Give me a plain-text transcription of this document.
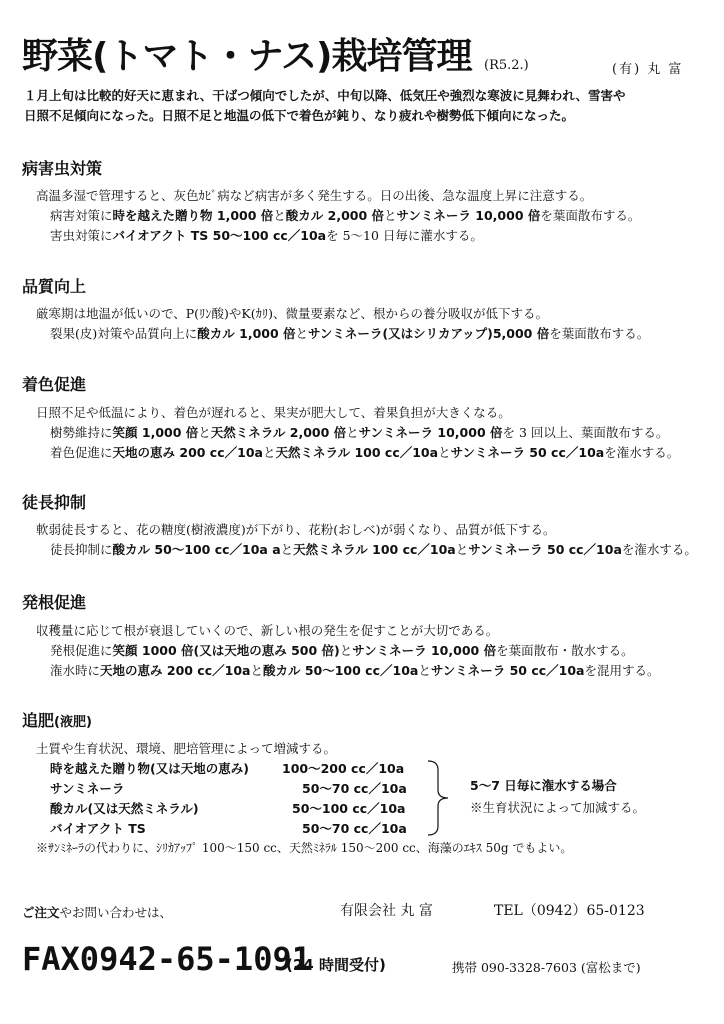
野菜(トマト・ナス)栽培管理 (R5.2.)	(有) 丸 富
１月上旬は比較的好天に恵まれ、干ばつ傾向でしたが、中旬以降、低気圧や強烈な寒波に見舞われ、雪害や
日照不足傾向になった。日照不足と地温の低下で着色が鈍り、なり疲れや樹勢低下傾向になった。
病害虫対策
高温多湿で管理すると、灰色ｶﾋﾞ病など病害が多く発生する。日の出後、急な温度上昇に注意する。
病害対策に時を越えた贈り物 1,000 倍と酸カル 2,000 倍とサンミネーラ 10,000 倍を葉面散布する。
害虫対策にバイオアクト TS 50～100 cc／10aを 5～10 日毎に灌水する。
品質向上
厳寒期は地温が低いので、P(ﾘﾝ酸)やK(ｶﾘ)、微量要素など、根からの養分吸収が低下する。
裂果(皮)対策や品質向上に酸カル 1,000 倍とサンミネーラ(又はシリカアップ)5,000 倍を葉面散布する。
着色促進
日照不足や低温により、着色が遅れると、果実が肥大して、着果負担が大きくなる。
樹勢維持に笑顔 1,000 倍と天然ミネラル 2,000 倍とサンミネーラ 10,000 倍を 3 回以上、葉面散布する。
着色促進に天地の恵み 200 cc／10aと天然ミネラル 100 cc／10aとサンミネーラ 50 cc／10aを潅水する。
徒長抑制
軟弱徒長すると、花の糖度(樹液濃度)が下がり、花粉(おしべ)が弱くなり、品質が低下する。
徒長抑制に酸カル 50～100 cc／10a aと天然ミネラル 100 cc／10aとサンミネーラ 50 cc／10aを潅水する。
発根促進
収穫量に応じて根が衰退していくので、新しい根の発生を促すことが大切である。
発根促進に笑顔 1000 倍(又は天地の恵み 500 倍)とサンミネーラ 10,000 倍を葉面散布・散水する。
潅水時に天地の恵み 200 cc／10aと酸カル 50～100 cc／10aとサンミネーラ 50 cc／10aを混用する。
追肥(液肥)
土質や生育状況、環境、肥培管理によって増減する。
時を越えた贈り物(又は天地の恵み)	100～200 cc／10a
サンミネーラ	50～70 cc／10a
酸カル(又は天然ミネラル)	50～100 cc／10a
バイオアクト TS	50～70 cc／10a
5～7 日毎に潅水する場合
※生育状況によって加減する。
※ｻﾝﾐﾈｰﾗの代わりに、ｼﾘｶｱｯﾌﾟ 100～150 cc、天然ﾐﾈﾗﾙ 150～200 cc、海藻のｴｷｽ 50g でもよい。
ご注文やお問い合わせは、	有限会社 丸 富	TEL（0942）65-0123
FAX0942-65-1091
(24 時間受付)	携帯 090-3328-7603 (富松まで)
